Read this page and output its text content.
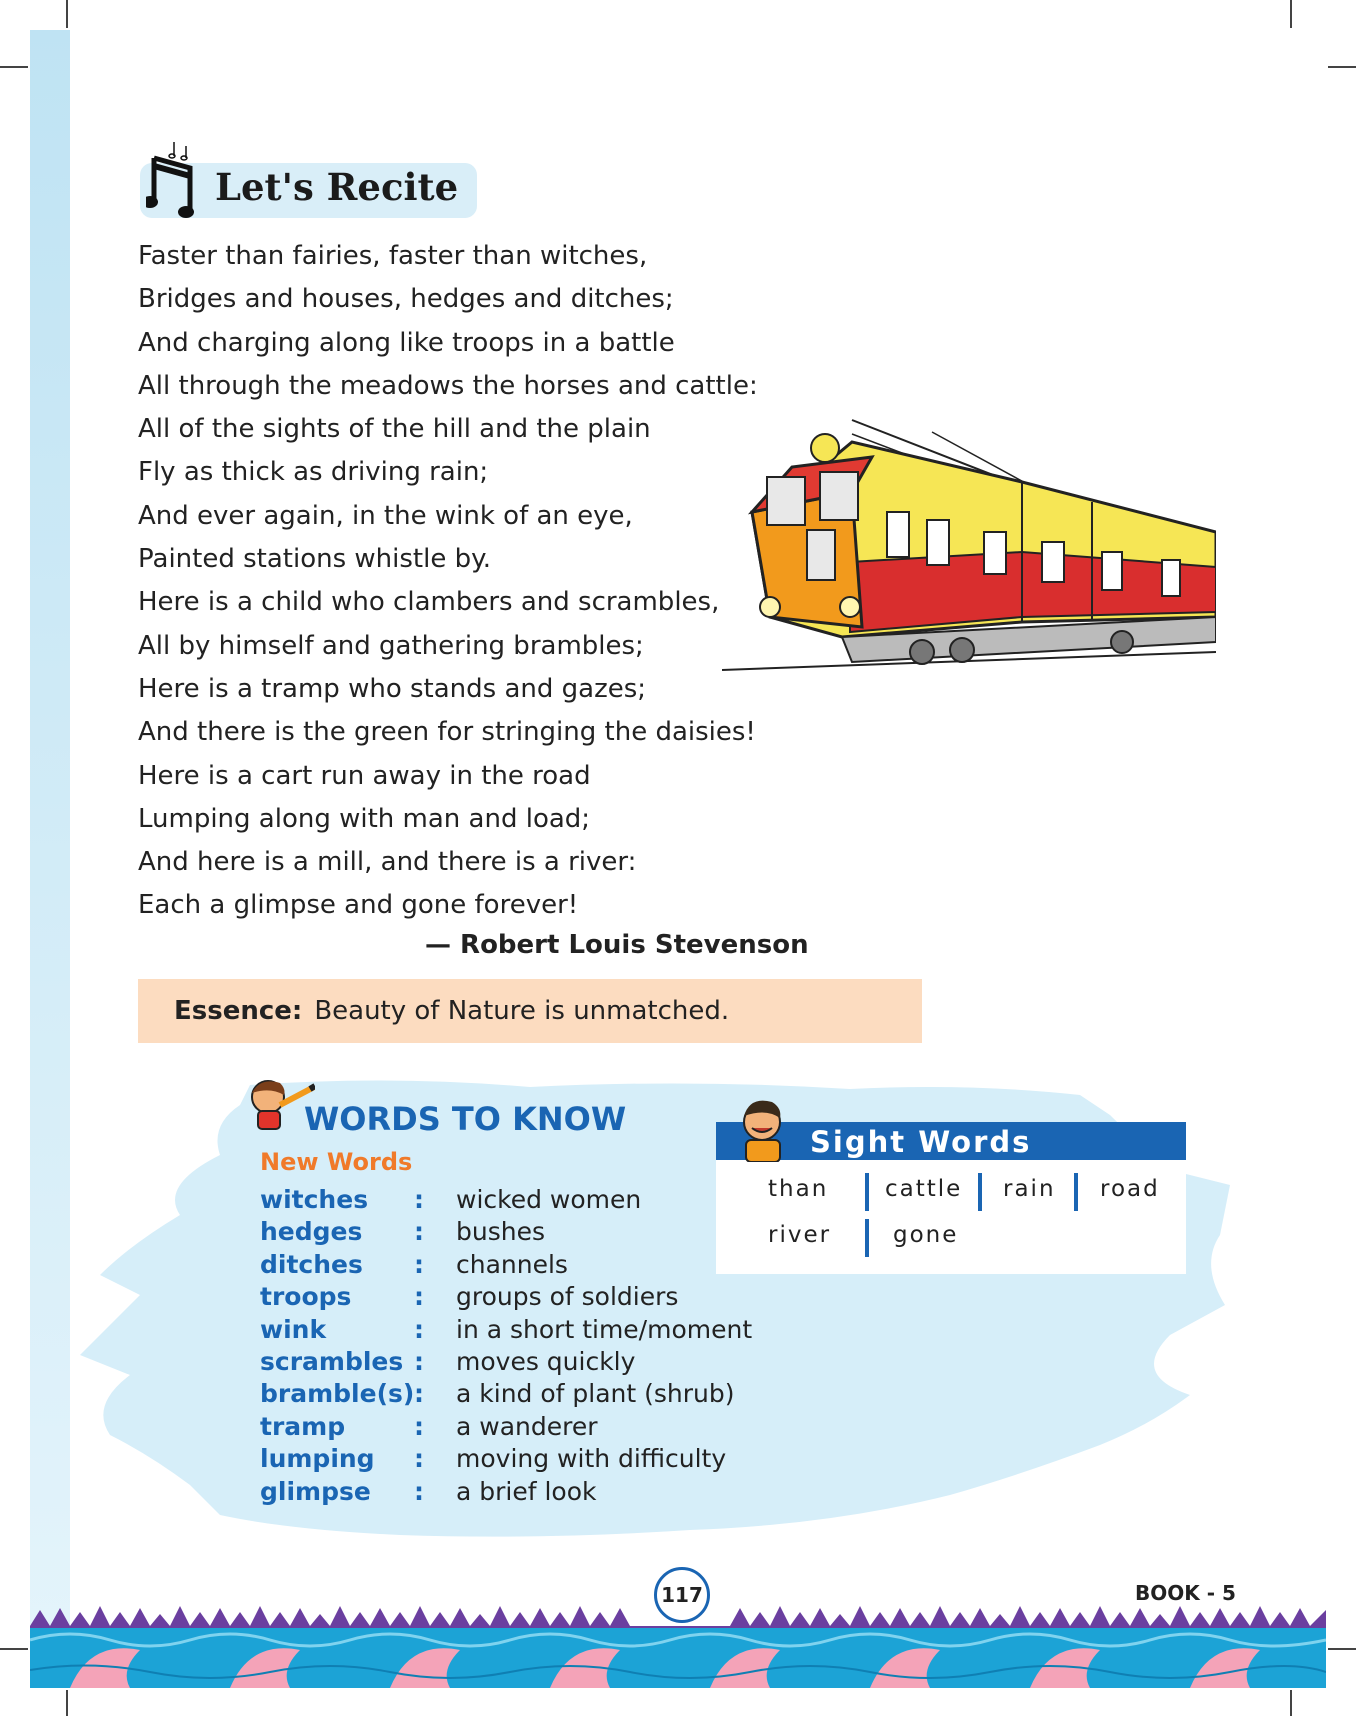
Let's Recite
Faster than fairies, faster than witches,
Bridges and houses, hedges and ditches;
And charging along like troops in a battle
All through the meadows the horses and cattle:
All of the sights of the hill and the plain
Fly as thick as driving rain;
And ever again, in the wink of an eye,
Painted stations whistle by.
Here is a child who clambers and scrambles,
All by himself and gathering brambles;
Here is a tramp who stands and gazes;
And there is the green for stringing the daisies!
Here is a cart run away in the road
Lumping along with man and load;
And here is a mill, and there is a river:
Each a glimpse and gone forever!
— Robert Louis Stevenson
Essence: Beauty of Nature is unmatched.
WORDS TO KNOW
New Words
witches : wicked women
hedges : bushes
ditches : channels
troops	: groups of soldiers
wink	: in a short time/moment
scrambles : moves quickly
bramble(s) : a kind of plant (shrub)
tramp	: a wanderer
lumping : moving with difficulty
glimpse : a brief look
Sight Words
than cattle rain road
river	gone
117	BOOK - 5
